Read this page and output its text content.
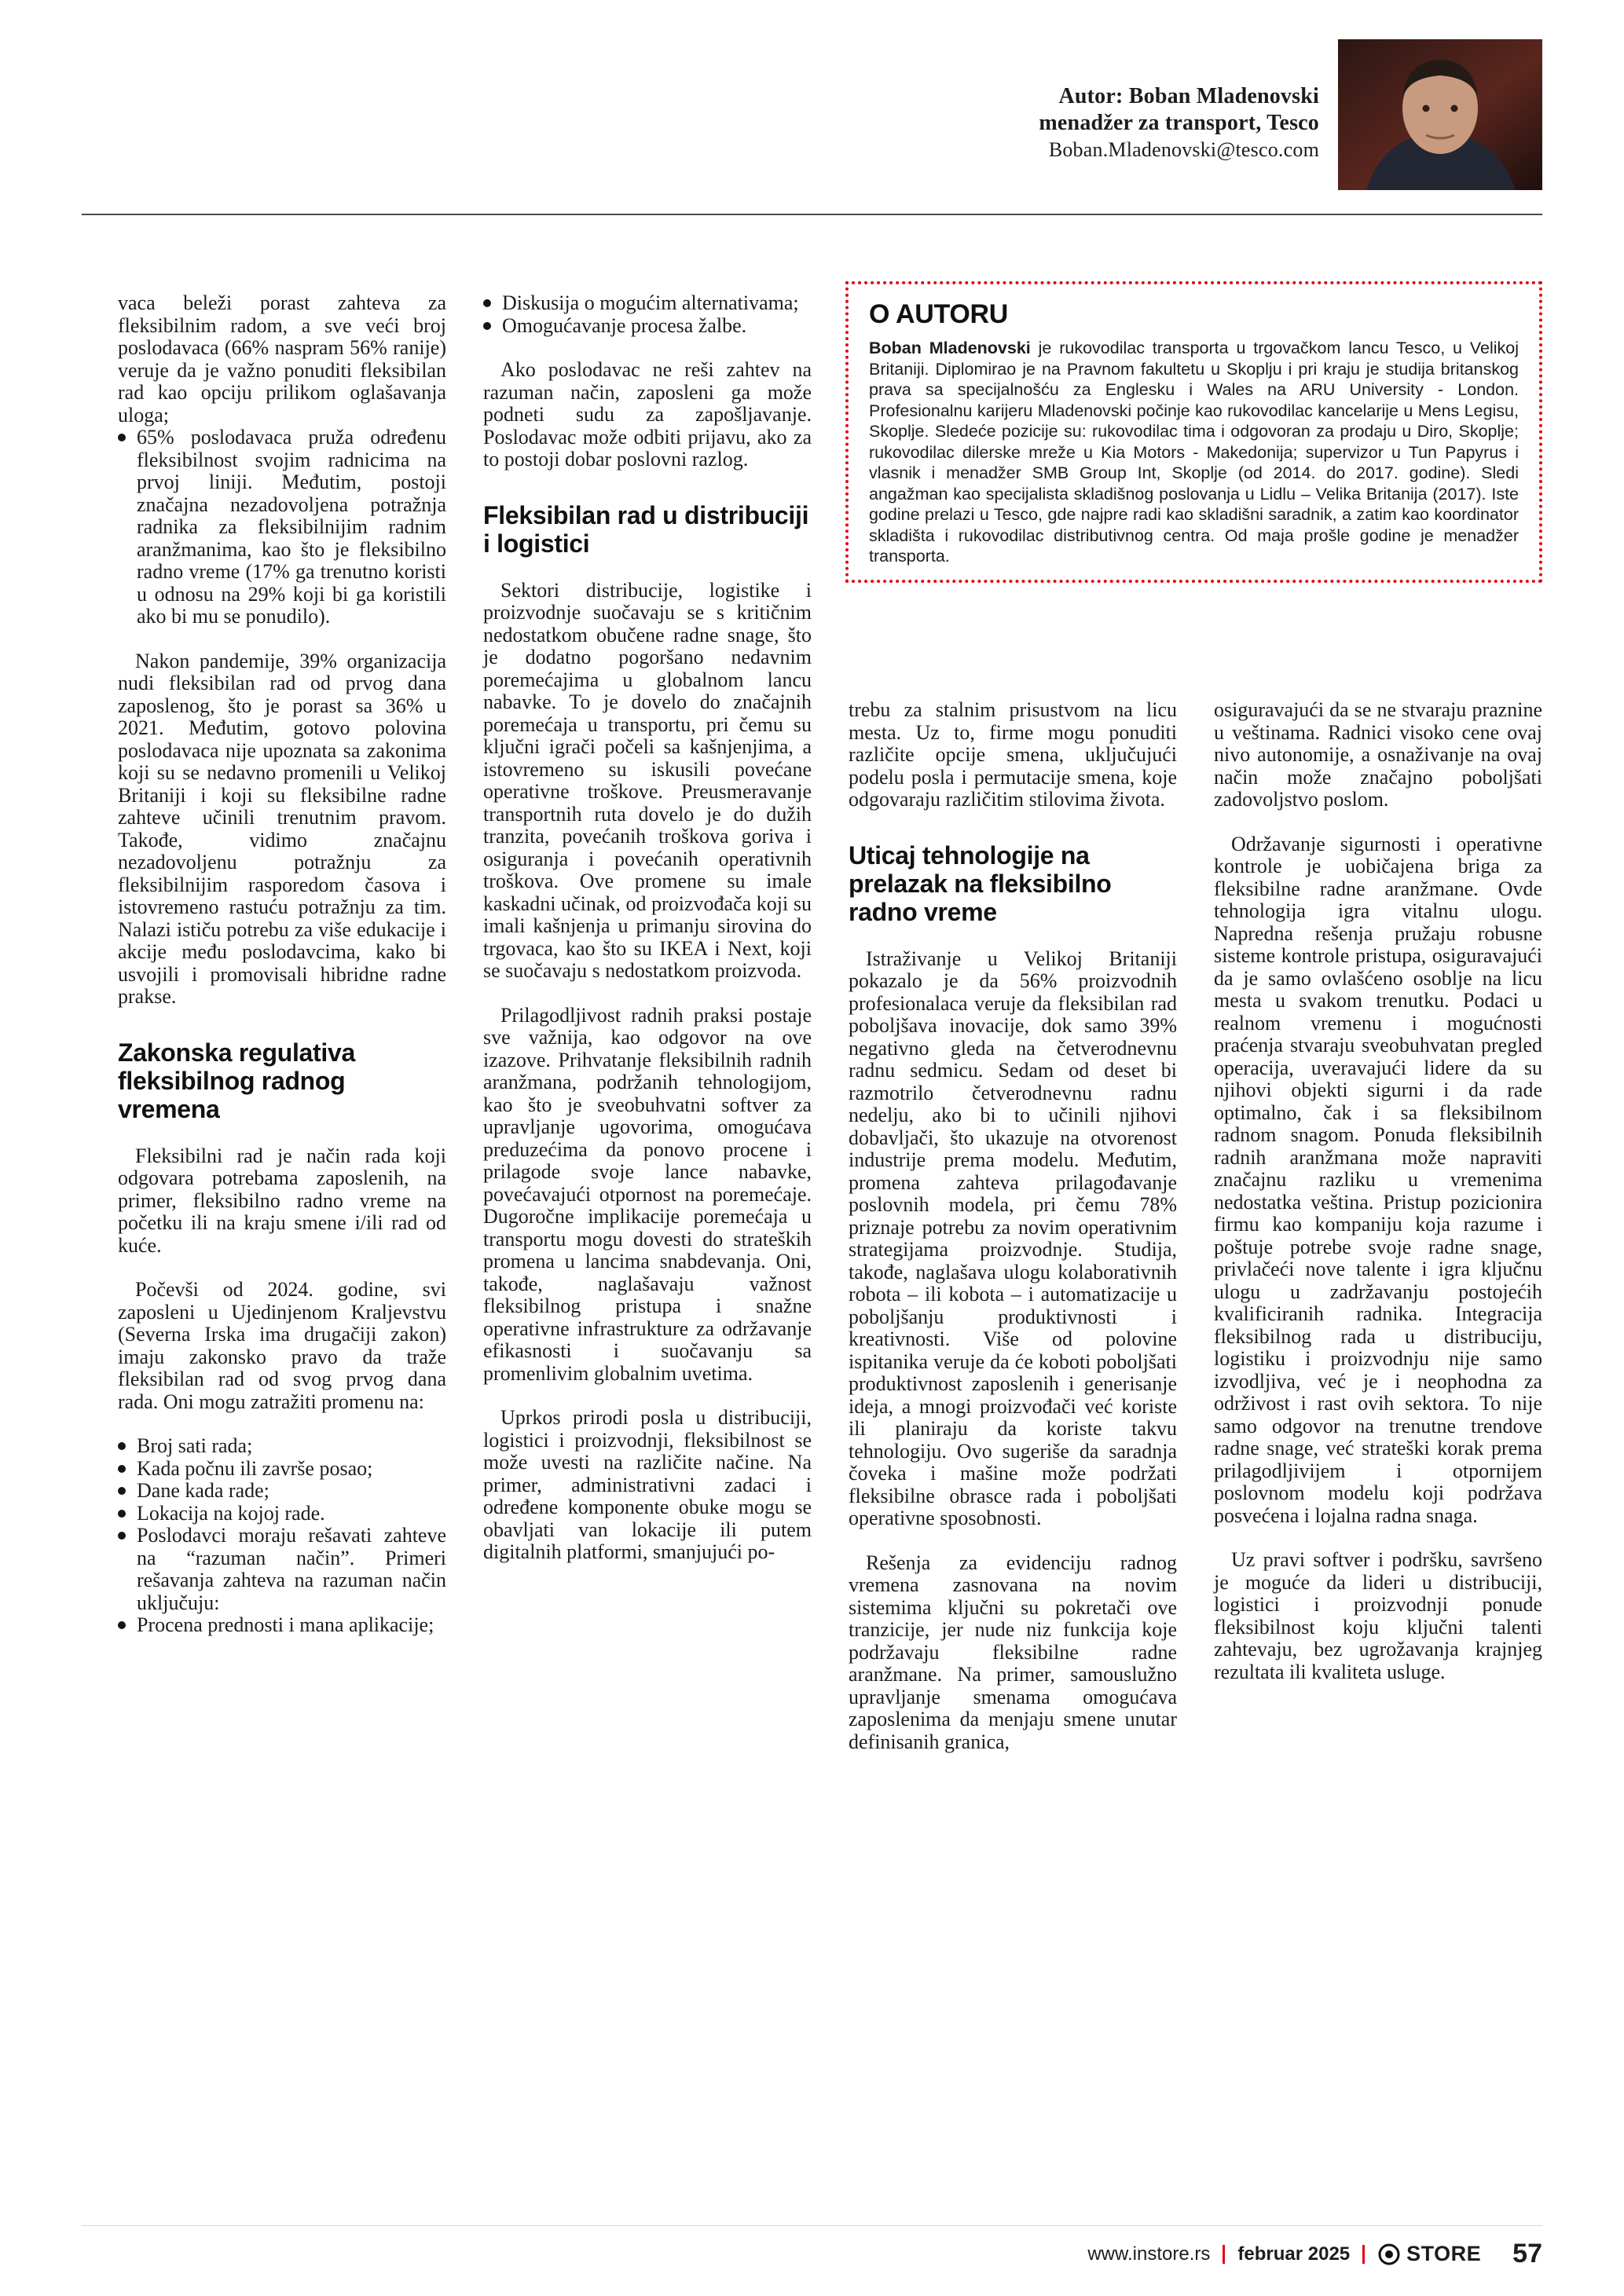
Autor: Boban Mladenovski
menadžer za transport, Tesco
Boban.Mladenovski@tesco.com

vaca beleži porast zahteva za fleksibilnim radom, a sve veći broj poslodavaca (66% naspram 56% ranije) veruje da je važno ponuditi fleksibilan rad kao opciju prilikom oglašavanja uloga;

65% poslodavaca pruža određenu fleksibilnost svojim radnicima na prvoj liniji. Međutim, postoji značajna nezadovoljena potražnja radnika za fleksibilnijim radnim aranžmanima, kao što je fleksibilno radno vreme (17% ga trenutno koristi u odnosu na 29% koji bi ga koristili ako bi mu se ponudilo).

Nakon pandemije, 39% organizacija nudi fleksibilan rad od prvog dana zaposlenog, što je porast sa 36% u 2021. Međutim, gotovo polovina poslodavaca nije upoznata sa zakonima koji su se nedavno promenili u Velikoj Britaniji i koji su fleksibilne radne zahteve učinili trenutnim pravom. Takođe, vidimo značajnu nezadovoljenu potražnju za fleksibilnijim rasporedom časova i istovremeno rastuću potražnju za tim. Nalazi ističu potrebu za više edukacije i akcije među poslodavcima, kako bi usvojili i promovisali hibridne radne prakse.

Zakonska regulativa fleksibilnog radnog vremena

Fleksibilni rad je način rada koji odgovara potrebama zaposlenih, na primer, fleksibilno radno vreme na početku ili na kraju smene i/ili rad od kuće.

Počevši od 2024. godine, svi zaposleni u Ujedinjenom Kraljevstvu (Severna Irska ima drugačiji zakon) imaju zakonsko pravo da traže fleksibilan rad od svog prvog dana rada. Oni mogu zatražiti promenu na:

Broj sati rada;
Kada počnu ili završe posao;
Dane kada rade;
Lokacija na kojoj rade.
Poslodavci moraju rešavati zahteve na “razuman način”. Primeri rešavanja zahteva na razuman način uključuju:
Procena prednosti i mana aplikacije;
Diskusija o mogućim alternativama;
Omogućavanje procesa žalbe.

Ako poslodavac ne reši zahtev na razuman način, zaposleni ga može podneti sudu za zapošljavanje. Poslodavac može odbiti prijavu, ako za to postoji dobar poslovni razlog.

Fleksibilan rad u distribuciji i logistici

Sektori distribucije, logistike i proizvodnje suočavaju se s kritičnim nedostatkom obučene radne snage, što je dodatno pogoršano nedavnim poremećajima u globalnom lancu nabavke. To je dovelo do značajnih poremećaja u transportu, pri čemu su ključni igrači počeli sa kašnjenjima, a istovremeno su iskusili povećane operativne troškove. Preusmeravanje transportnih ruta dovelo je do dužih tranzita, povećanih troškova goriva i osiguranja i povećanih operativnih troškova. Ove promene su imale kaskadni učinak, od proizvođača koji su imali kašnjenja u primanju sirovina do trgovaca, kao što su IKEA i Next, koji se suočavaju s nedostatkom proizvoda.

Prilagodljivost radnih praksi postaje sve važnija, kao odgovor na ove izazove. Prihvatanje fleksibilnih radnih aranžmana, podržanih tehnologijom, kao što je sveobuhvatni softver za upravljanje ugovorima, omogućava preduzećima da ponovo procene i prilagode svoje lance nabavke, povećavajući otpornost na poremećaje. Dugoročne implikacije poremećaja u transportu mogu dovesti do strateških promena u lancima snabdevanja. Oni, takođe, naglašavaju važnost fleksibilnog pristupa i snažne operativne infrastrukture za održavanje efikasnosti i suočavanju sa promenlivim globalnim uvetima.

Uprkos prirodi posla u distribuciji, logistici i proizvodnji, fleksibilnost se može uvesti na različite načine. Na primer, administrativni zadaci i određene komponente obuke mogu se obavljati van lokacije ili putem digitalnih platformi, smanjujući po-

O AUTORU

Boban Mladenovski je rukovodilac transporta u trgovačkom lancu Tesco, u Velikoj Britaniji. Diplomirao je na Pravnom fakultetu u Skoplju i pri kraju je studija britanskog prava sa specijalnošću za Englesku i Wales na ARU University - London. Profesionalnu karijeru Mladenovski počinje kao rukovodilac kancelarije u Mens Legisu, Skoplje. Sledeće pozicije su: rukovodilac tima i odgovoran za prodaju u Diro, Skoplje; rukovodilac dilerske mreže u Kia Motors - Makedonija; supervizor u Tun Papyrus i vlasnik i menadžer SMB Group Int, Skoplje (od 2014. do 2017. godine). Sledi angažman kao specijalista skladišnog poslovanja u Lidlu – Velika Britanija (2017). Iste godine prelazi u Tesco, gde najpre radi kao skladišni saradnik, a zatim kao koordinator skladišta i rukovodilac distributivnog centra. Od maja prošle godine je menadžer transporta.

trebu za stalnim prisustvom na licu mesta. Uz to, firme mogu ponuditi različite opcije smena, uključujući podelu posla i permutacije smena, koje odgovaraju različitim stilovima života.

Uticaj tehnologije na prelazak na fleksibilno radno vreme

Istraživanje u Velikoj Britaniji pokazalo je da 56% proizvodnih profesionalaca veruje da fleksibilan rad poboljšava inovacije, dok samo 39% negativno gleda na četverodnevnu radnu sedmicu. Sedam od deset bi razmotrilo četverodnevnu radnu nedelju, ako bi to učinili njihovi dobavljači, što ukazuje na otvorenost industrije prema modelu. Međutim, promena zahteva prilagođavanje poslovnih modela, pri čemu 78% priznaje potrebu za novim operativnim strategijama proizvodnje. Studija, takođe, naglašava ulogu kolaborativnih robota – ili kobota – i automatizacije u poboljšanju produktivnosti i kreativnosti. Više od polovine ispitanika veruje da će koboti poboljšati produktivnost zaposlenih i generisanje ideja, a mnogi proizvođači već koriste ili planiraju da koriste takvu tehnologiju. Ovo sugeriše da saradnja čoveka i mašine može podržati fleksibilne obrasce rada i poboljšati operativne sposobnosti.

Rešenja za evidenciju radnog vremena zasnovana na novim sistemima ključni su pokretači ove tranzicije, jer nude niz funkcija koje podržavaju fleksibilne radne aranžmane. Na primer, samouslužno upravljanje smenama omogućava zaposlenima da menjaju smene unutar definisanih granica,

osiguravajući da se ne stvaraju praznine u veštinama. Radnici visoko cene ovaj nivo autonomije, a osnaživanje na ovaj način može značajno poboljšati zadovoljstvo poslom.

Održavanje sigurnosti i operativne kontrole je uobičajena briga za fleksibilne radne aranžmane. Ovde tehnologija igra vitalnu ulogu. Napredna rešenja pružaju robusne sisteme kontrole pristupa, osiguravajući da je samo ovlašćeno osoblje na licu mesta u svakom trenutku. Podaci u realnom vremenu i mogućnosti praćenja stvaraju sveobuhvatan pregled operacija, uveravajući lidere da su njihovi objekti sigurni i da rade optimalno, čak i sa fleksibilnom radnom snagom. Ponuda fleksibilnih radnih aranžmana može napraviti značajnu razliku u vremenima nedostatka veština. Pristup pozicionira firmu kao kompaniju koja razume i poštuje potrebe svoje radne snage, privlačeći nove talente i igra ključnu ulogu u zadržavanju postojećih kvalificiranih radnika. Integracija fleksibilnog rada u distribuciju, logistiku i proizvodnju nije samo izvodljiva, već je i neophodna za održivost i rast ovih sektora. To nije samo odgovor na trenutne trendove radne snage, već strateški korak prema prilagodljivijem i otpornijem poslovnom modelu koji podržava posvećena i lojalna radna snaga.

Uz pravi softver i podršku, savršeno je moguće da lideri u distribuciji, logistici i proizvodnji ponude fleksibilnost koju ključni talenti zahtevaju, bez ugrožavanja krajnjeg rezultata ili kvaliteta usluge.

www.instore.rs februar 2025	STORE 57
